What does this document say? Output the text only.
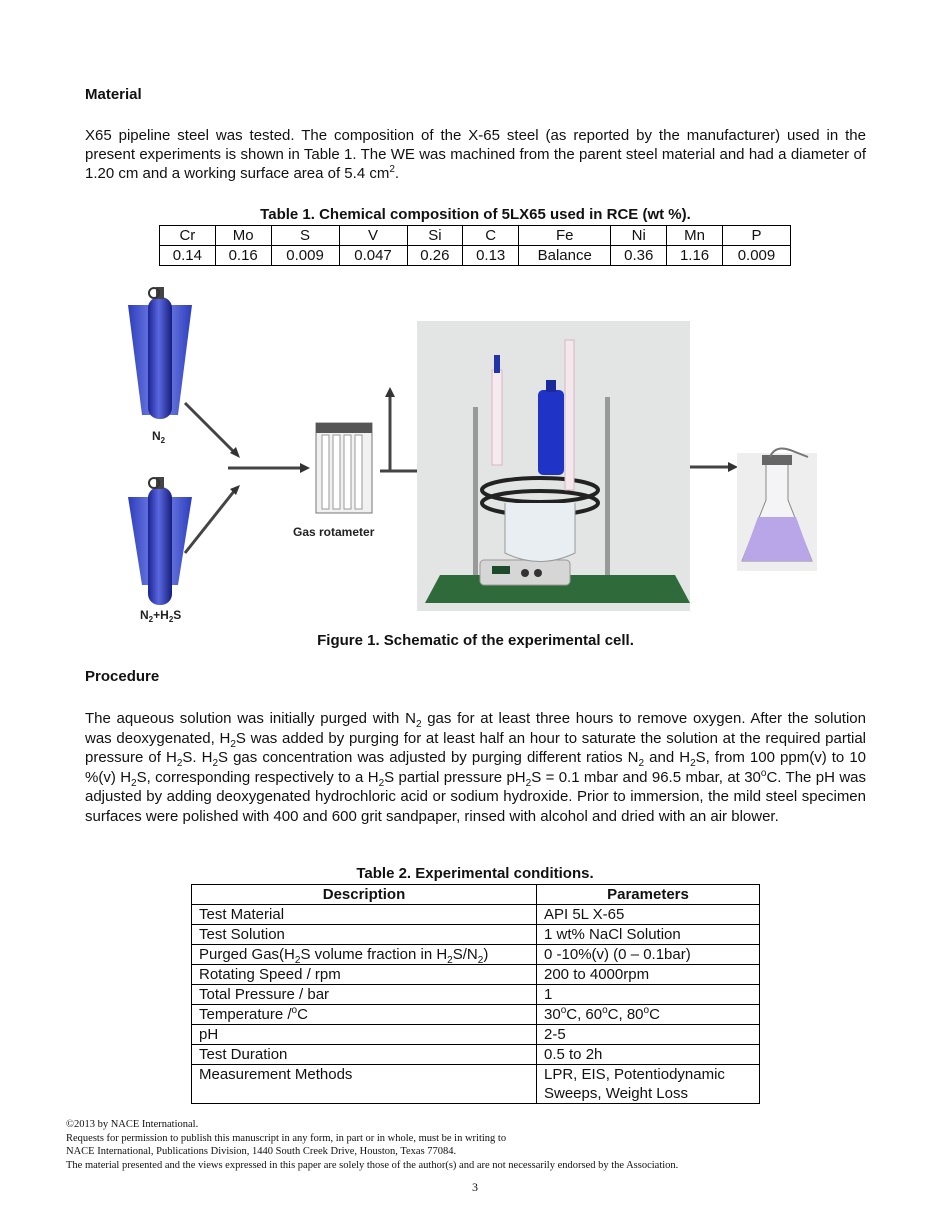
Material
X65 pipeline steel was tested. The composition of the X-65 steel (as reported by the manufacturer) used in the present experiments is shown in Table 1. The WE was machined from the parent steel material and had a diameter of 1.20 cm and a working surface area of 5.4 $cm^2$.
Table 1. Chemical composition of 5LX65 used in RCE (wt %).
Cr	Mo	S	V	Si	C	Fe	Ni	Mn	P
0.14	0.16	0.009	0.047	0.26	0.13	Balance	0.36	1.16	0.009
$N_2$
$N_2+H_2S$
Gas rotameter
Figure 1. Schematic of the experimental cell.
Procedure
The aqueous solution was initially purged with $N_2$ gas for at least three hours to remove oxygen. After the solution was deoxygenated, $H_2S$ was added by purging for at least half an hour to saturate the solution at the required partial pressure of $H_2S$. $H_2S$ gas concentration was adjusted by purging different ratios $N_2$ and $H_2S$, from 100 ppm(v) to 10 %(v) $H_2S$, corresponding respectively to a $H_2S$ partial pressure $pH_2S = 0.1$ mbar and 96.5 mbar, at 30$^o$C. The pH was adjusted by adding deoxygenated hydrochloric acid or sodium hydroxide. Prior to immersion, the mild steel specimen surfaces were polished with 400 and 600 grit sandpaper, rinsed with alcohol and dried with an air blower.
Table 2. Experimental conditions.
Description	Parameters
Test Material	API 5L X-65
Test Solution	1 wt% NaCl Solution
Purged $Gas(H_2S$ volume fraction in $H_2S/N_2$)	0 -10%(v) (0 – 0.1bar)
Rotating Speed / rpm	200 to 4000rpm
Total Pressure / bar	1
Temperature /$^o$C	30$^o$C, 60$^o$C, 80$^o$C
pH	2-5
Test Duration	0.5 to 2h
Measurement Methods	LPR, EIS, Potentiodynamic
Sweeps, Weight Loss
©2013 by NACE International.
Requests for permission to publish this manuscript in any form, in part or in whole, must be in writing to
NACE International, Publications Division, 1440 South Creek Drive, Houston, Texas 77084.
The material presented and the views expressed in this paper are solely those of the author(s) and are not necessarily endorsed by the Association.
3
